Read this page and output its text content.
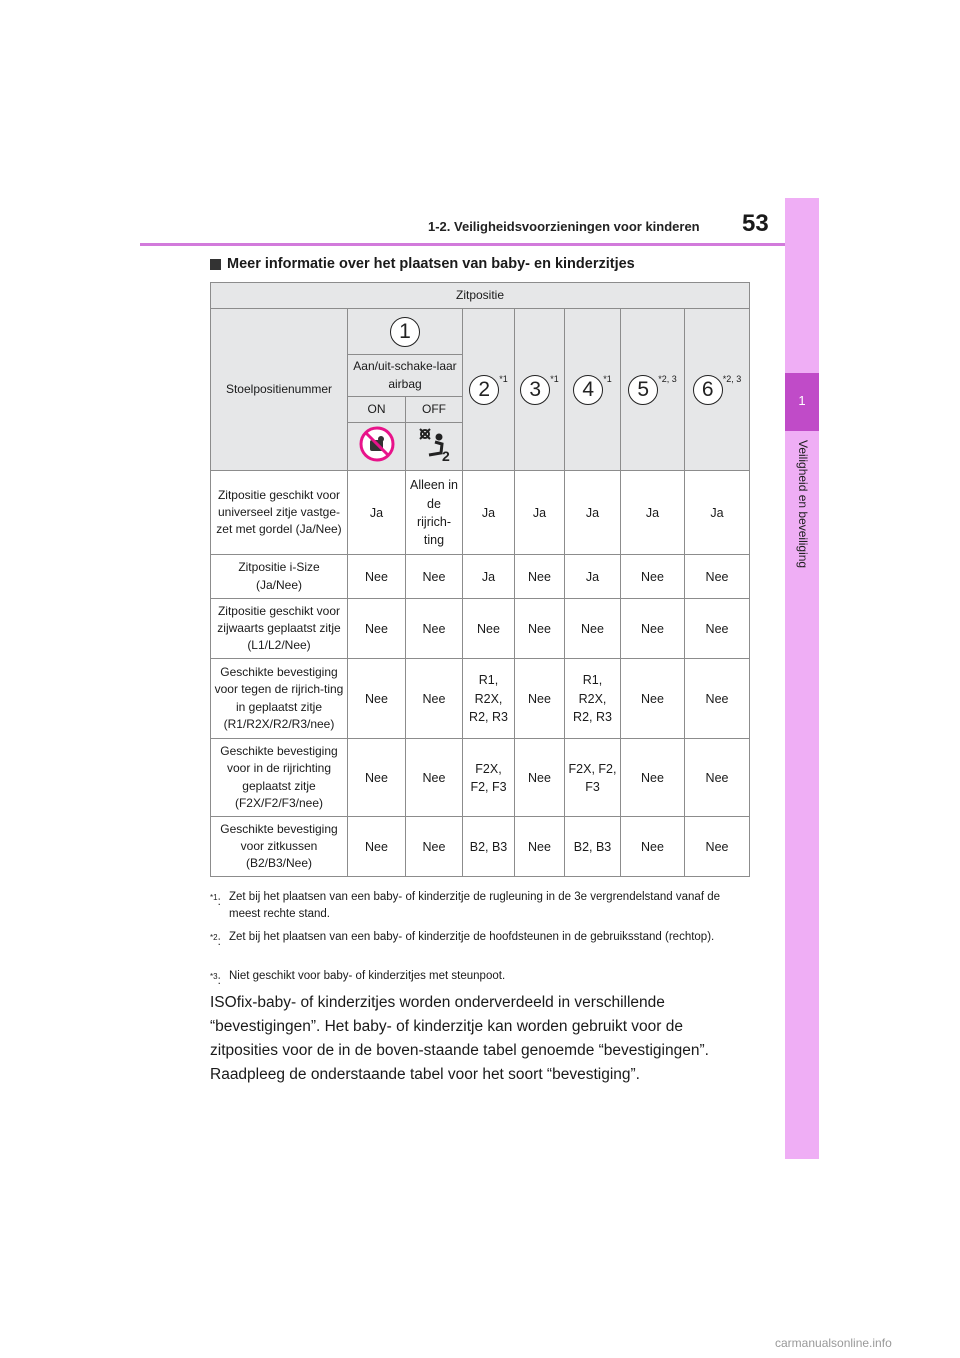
1
Veiligheid en beveiliging
53
1-2. Veiligheidsvoorzieningen voor kinderen
Meer informatie over het plaatsen van baby- en kinderzitjes
Zitpositie							
Stoelpositienummer	1		2 $^{*1}$	3 $^{*1}$	4 $^{*1}$	5 $^{*2, 3}$	6 $^{*2, 3}$
	Aan/uit-schake-laar airbag						
	ON	OFF					

2					

Zitpositie geschikt voor universeel zitje vastge-zet met gordel (Ja/Nee)	Ja	Alleen in de rijrich-ting	Ja	Ja	Ja	Ja	Ja
Zitpositie i-Size (Ja/Nee)	Nee	Nee	Ja	Nee	Ja	Nee	Nee
Zitpositie geschikt voor zijwaarts geplaatst zitje (L1/L2/Nee)	Nee	Nee	Nee	Nee	Nee	Nee	Nee
Geschikte bevestiging voor tegen de rijrich-ting in geplaatst zitje (R1/R2X/R2/R3/nee)	Nee	Nee	R1, R2X, R2, R3	Nee	R1, R2X, R2, R3	Nee	Nee
Geschikte bevestiging voor in de rijrichting geplaatst zitje (F2X/F2/F3/nee)	Nee	Nee	F2X, F2, F3	Nee	F2X, F2, F3	Nee	Nee
Geschikte bevestiging voor zitkussen (B2/B3/Nee)	Nee	Nee	B2, B3	Nee	B2, B3	Nee	Nee
$^{*1}$: Zet bij het plaatsen van een baby- of kinderzitje de rugleuning in de 3e vergrendelstand vanaf de meest rechte stand.
$^{*2}$: Zet bij het plaatsen van een baby- of kinderzitje de hoofdsteunen in de gebruiksstand (rechtop).
$^{*3}$: Niet geschikt voor baby- of kinderzitjes met steunpoot.
ISOfix-baby- of kinderzitjes worden onderverdeeld in verschillende “bevestigingen”. Het baby- of kinderzitje kan worden gebruikt voor de zitposities voor de in de boven-staande tabel genoemde “bevestigingen”. Raadpleeg de onderstaande tabel voor het soort “bevestiging”.
carmanualsonline.info
